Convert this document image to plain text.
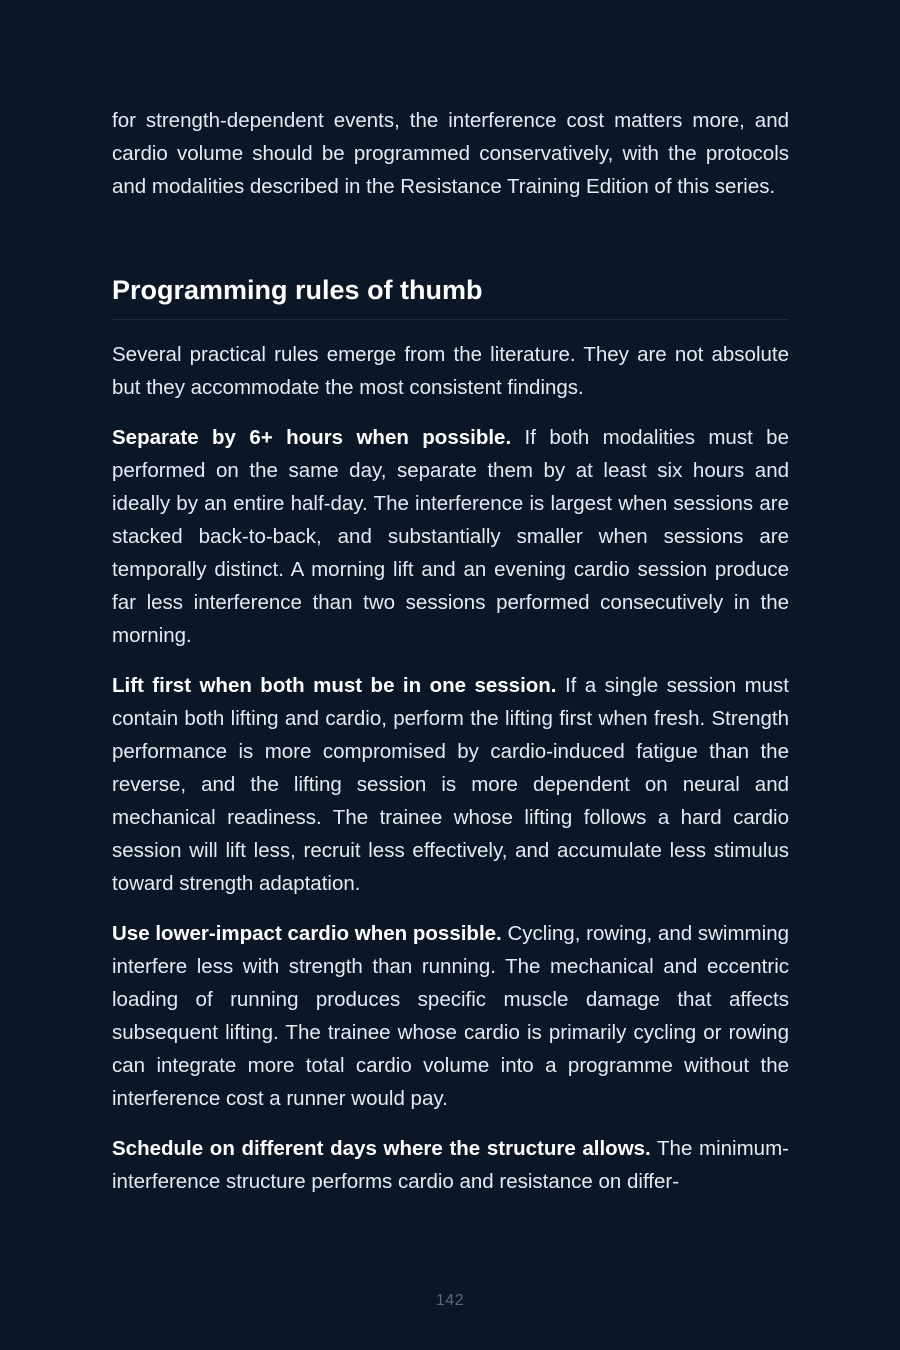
for strength-dependent events, the interference cost matters more, and cardio volume should be programmed conservatively, with the protocols and modalities described in the Resistance Training Edition of this series.

Programming rules of thumb

Several practical rules emerge from the literature. They are not absolute but they accommodate the most consistent findings.

Separate by 6+ hours when possible. If both modalities must be performed on the same day, separate them by at least six hours and ideally by an entire half-day. The interference is largest when sessions are stacked back-to-back, and substantially smaller when sessions are temporally distinct. A morning lift and an evening cardio session produce far less interference than two sessions performed consecutively in the morning.

Lift first when both must be in one session. If a single session must contain both lifting and cardio, perform the lifting first when fresh. Strength performance is more compromised by cardio-induced fatigue than the reverse, and the lifting session is more dependent on neural and mechanical readiness. The trainee whose lifting follows a hard cardio session will lift less, recruit less effectively, and accumulate less stimulus toward strength adaptation.

Use lower-impact cardio when possible. Cycling, rowing, and swimming interfere less with strength than running. The mechanical and eccentric loading of running produces specific muscle damage that affects subsequent lifting. The trainee whose cardio is primarily cycling or rowing can integrate more total cardio volume into a programme without the interference cost a runner would pay.

Schedule on different days where the structure allows. The minimum-interference structure performs cardio and resistance on differ-

142
